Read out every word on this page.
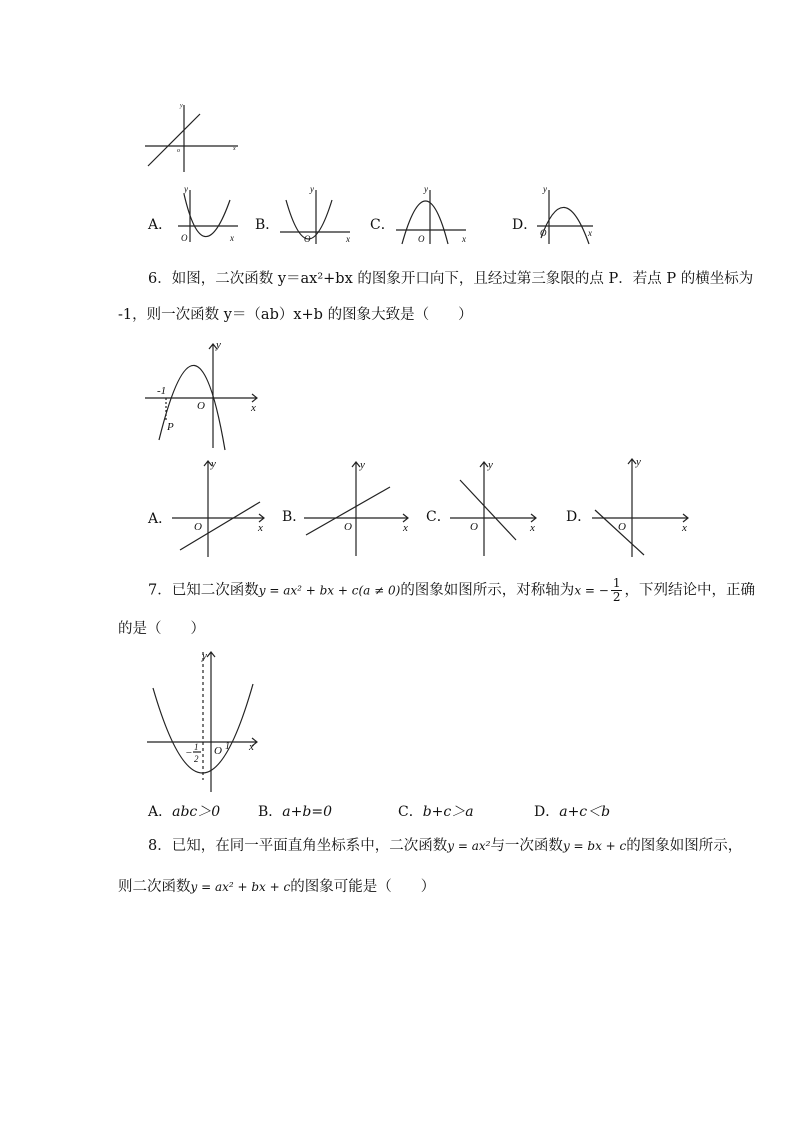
y
x
o
A．
y
x
O
B．
y
x
O
C．
y
x
O
D．
y
x
O
6．如图，二次函数 y＝ax²+bx 的图象开口向下，且经过第三象限的点 P．若点 P 的横坐标为
-1，则一次函数 y＝（ab）x+b 的图象大致是（　　）
y
x
O
-1
P
A．
y
x
O
B．
y
x
O
C．
y
x
O
D．
y
x
O
7．已知二次函数y = ax² + bx + c(a ≠ 0)的图象如图所示，对称轴为x = − $\frac{1}{2}$ ，下列结论中，正确
的是（　　）
y
x
O 1
− 1
2
A．abc＞0	B．a+b=0	C．b+c＞a	D．a+c＜b
8．已知，在同一平面直角坐标系中，二次函数y = ax²与一次函数y = bx + c的图象如图所示，
则二次函数y = ax² + bx + c的图象可能是（　　）
